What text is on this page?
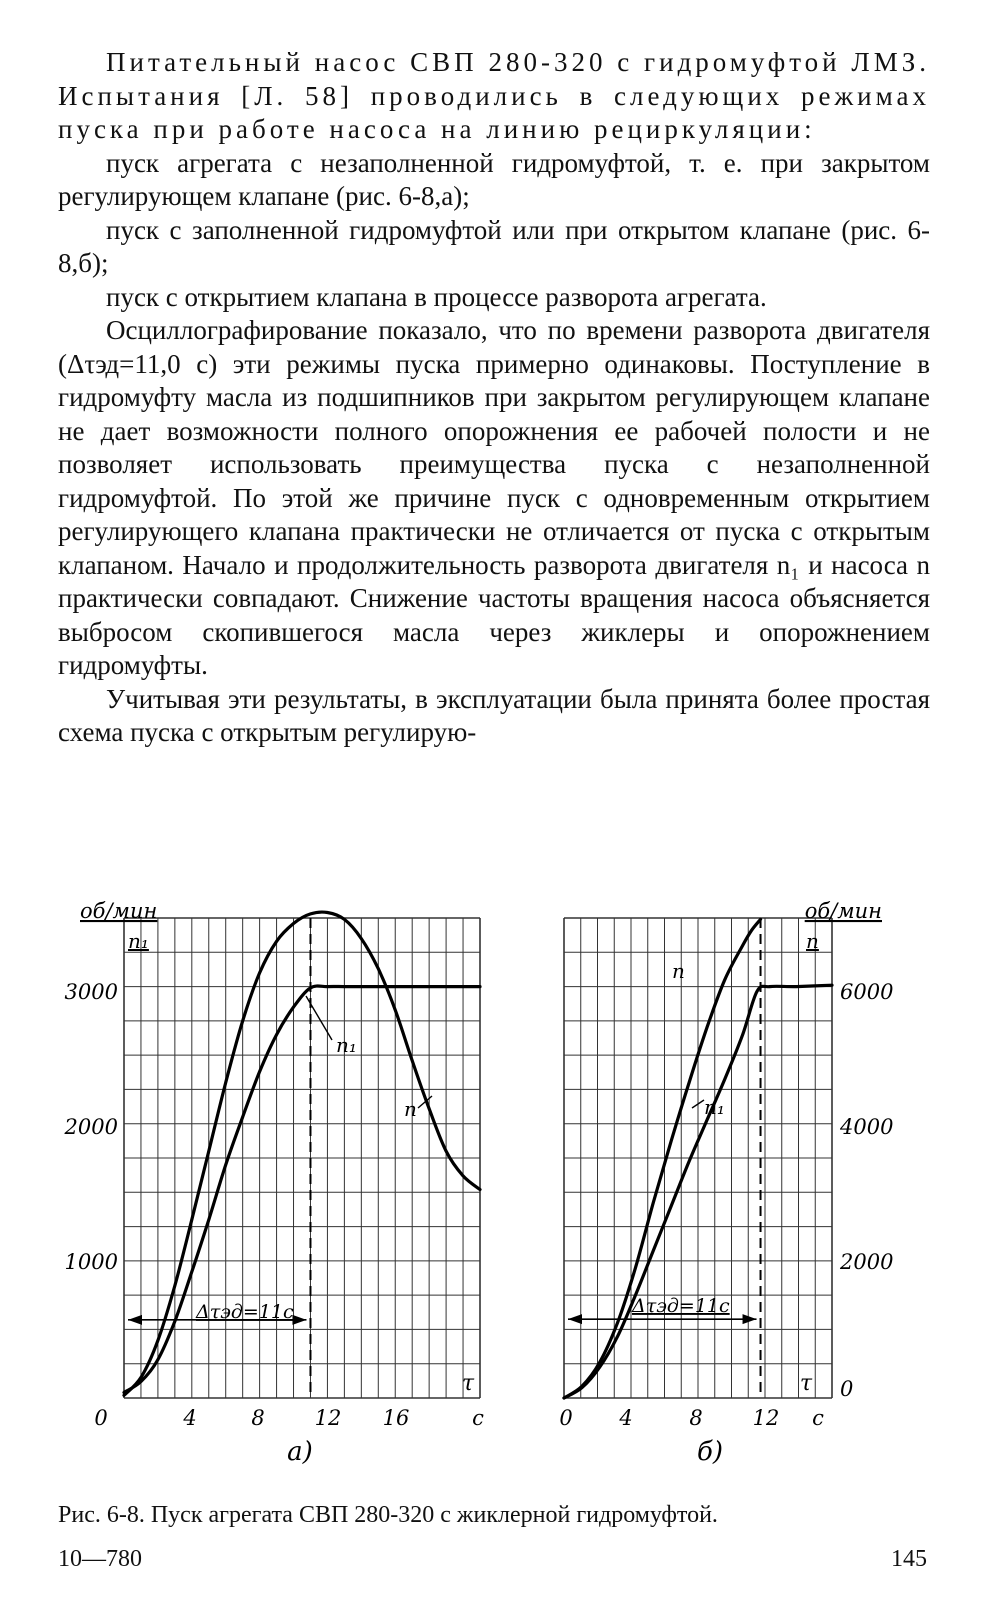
Питательный насос СВП 280-320 с гидромуфтой ЛМЗ. Испытания [Л. 58] проводились в следующих режимах пуска при работе насоса на линию рециркуляции:

пуск агрегата с незаполненной гидромуфтой, т. е. при закрытом регулирующем клапане (рис. 6-8,а);

пуск с заполненной гидромуфтой или при открытом клапане (рис. 6-8,б);

пуск с открытием клапана в процессе разворота агрегата.

Осциллографирование показало, что по времени разворота двигателя (Δτэд=11,0 с) эти режимы пуска примерно одинаковы. Поступление в гидромуфту масла из подшипников при закрытом регулирующем клапане не дает возможности полного опорожнения ее рабочей полости и не позволяет использовать преимущества пуска с незаполненной гидромуфтой. По этой же причине пуск с одновременным открытием регулирующего клапана практически не отличается от пуска с открытым клапаном. Начало и продолжительность разворота двигателя n₁ и насоса n практически совпадают. Снижение частоты вращения насоса объясняется выбросом скопившегося масла через жиклеры и опорожнением гидромуфты.

Учитывая эти результаты, в эксплуатации была принята более простая схема пуска с открытым регулирую-

n₁
n
1000
2000
3000
0	4	8 12 16	с
об/мин
n₁
τ
Δτэд=11с
а)
n
n₁
0
2000
4000
6000
0 4	8 12 с
об/мин
n
τ
Δτэд=11с
б)
Рис. 6-8. Пуск агрегата СВП 280-320 с жиклерной гидромуфтой.
10—780	145
